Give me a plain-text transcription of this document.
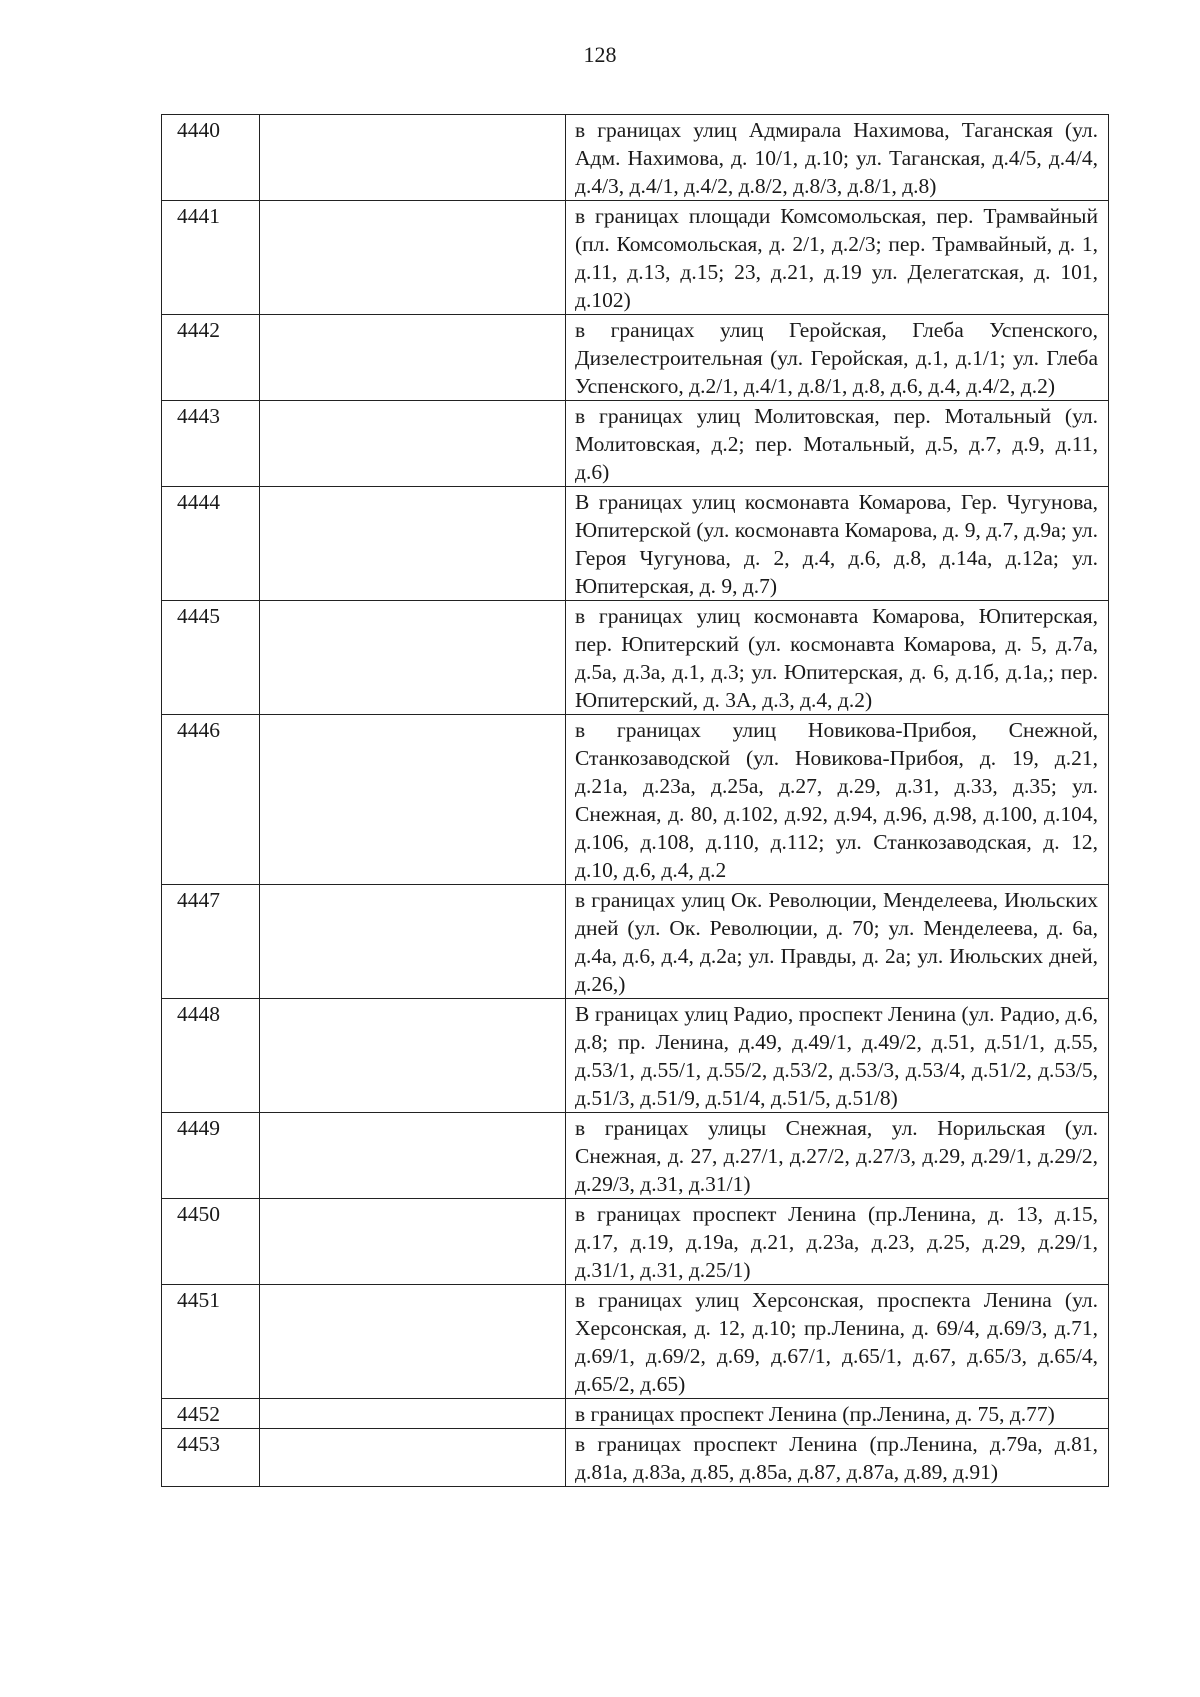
128
4440		в границах улиц Адмирала Нахимова, Таганская (ул. Адм. Нахимова, д. 10/1, д.10; ул. Таганская, д.4/5, д.4/4, д.4/3, д.4/1, д.4/2, д.8/2, д.8/3, д.8/1, д.8)
4441		в границах площади Комсомольская, пер. Трамвайный (пл. Комсомольская, д. 2/1, д.2/3; пер. Трамвайный, д. 1, д.11, д.13, д.15; 23, д.21, д.19 ул. Делегатская, д. 101, д.102)
4442		в границах улиц Геройская, Глеба Успенского, Дизелестроительная (ул. Геройская, д.1, д.1/1; ул. Глеба Успенского, д.2/1, д.4/1, д.8/1, д.8, д.6, д.4, д.4/2, д.2)
4443		в границах улиц Молитовская, пер. Мотальный (ул. Молитовская, д.2; пер. Мотальный, д.5, д.7, д.9, д.11, д.6)
4444		В границах улиц космонавта Комарова, Гер. Чугунова, Юпитерской (ул. космонавта Комарова, д. 9, д.7, д.9а; ул. Героя Чугунова, д. 2, д.4, д.6, д.8, д.14а, д.12а; ул. Юпитерская, д. 9, д.7)
4445		в границах улиц космонавта Комарова, Юпитерская, пер. Юпитерский (ул. космонавта Комарова, д. 5, д.7а, д.5а, д.3а, д.1, д.3; ул. Юпитерская, д. 6, д.1б, д.1а,; пер. Юпитерский, д. 3А, д.3, д.4, д.2)
4446		в границах улиц Новикова-Прибоя, Снежной, Станкозаводской (ул. Новикова-Прибоя, д. 19, д.21, д.21а, д.23а, д.25а, д.27, д.29, д.31, д.33, д.35; ул. Снежная, д. 80, д.102, д.92, д.94, д.96, д.98, д.100, д.104, д.106, д.108, д.110, д.112; ул. Станкозаводская, д. 12, д.10, д.6, д.4, д.2
4447		в границах улиц Ок. Революции, Менделеева, Июльских дней (ул. Ок. Революции, д. 70; ул. Менделеева, д. 6а, д.4а, д.6, д.4, д.2а; ул. Правды, д. 2а; ул. Июльских дней, д.26,)
4448		В границах улиц Радио, проспект Ленина (ул. Радио, д.6, д.8; пр. Ленина, д.49, д.49/1, д.49/2, д.51, д.51/1, д.55, д.53/1, д.55/1, д.55/2, д.53/2, д.53/3, д.53/4, д.51/2, д.53/5, д.51/3, д.51/9, д.51/4, д.51/5, д.51/8)
4449		в границах улицы Снежная, ул. Норильская (ул. Снежная, д. 27, д.27/1, д.27/2, д.27/3, д.29, д.29/1, д.29/2, д.29/3, д.31, д.31/1)
4450		в границах проспект Ленина (пр.Ленина, д. 13, д.15, д.17, д.19, д.19а, д.21, д.23а, д.23, д.25, д.29, д.29/1, д.31/1, д.31, д.25/1)
4451		в границах улиц Херсонская, проспекта Ленина (ул. Херсонская, д. 12, д.10; пр.Ленина, д. 69/4, д.69/3, д.71, д.69/1, д.69/2, д.69, д.67/1, д.65/1, д.67, д.65/3, д.65/4, д.65/2, д.65)
4452		в границах проспект Ленина (пр.Ленина, д. 75, д.77)
4453		в границах проспект Ленина (пр.Ленина, д.79а, д.81, д.81а, д.83а, д.85, д.85а, д.87, д.87а, д.89, д.91)
